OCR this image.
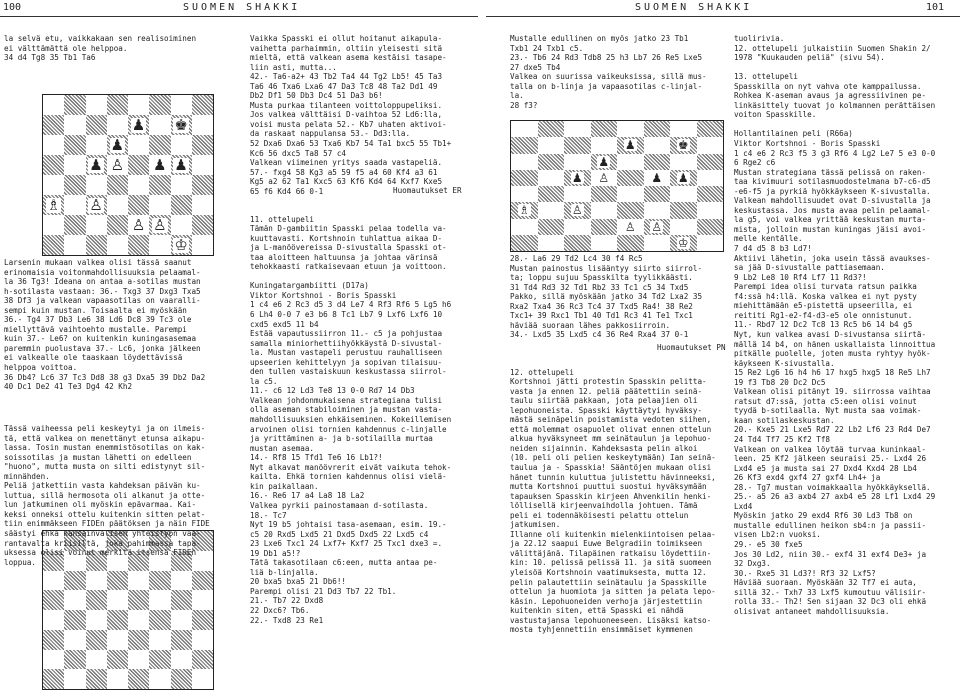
100	SUOMEN SHAKKI	SUOMEN SHAKKI	101
♟ ♚
♟
♟ ♙ ♟ ♟
♗ ♙
♙ ♙
♔
la selvä etu, vaikkakaan sen realisoiminen
ei välttämättä ole helppoa.
34 d4 Tg8 35 Tb1 Ta6
Larsenin mukaan valkea olisi tässä saanut
erinomaisia voitonmahdollisuuksia pelaamal-
la 36 Tg3! Ideana on antaa a-sotilas mustan
h-sotilasta vastaan: 36.- Txg3 37 Dxg3 Txa5
38 Df3 ja valkean vapaasotilas on vaaralli-
sempi kuin mustan. Toisaalta ei myöskään
36.- Tg4 37 Db3 Le6 38 Ld6 Dc8 39 Tc3 ole
miellyttävä vaihtoehto mustalle. Parempi
kuin 37.- Le6? on kuitenkin kuningasasemaa
paremmin puolustava 37.- Lc6, jonka jälkeen
ei valkealle ole taaskaan löydettävissä
helppoa voittoa.
36 Db4? Lc6 37 Tc3 Dd8 38 g3 Dxa5 39 Db2 Da2
40 Dc1 De2 41 Te3 Dg4 42 Kh2
Tässä vaiheessa peli keskeytyi ja on ilmeis-
tä, että valkea on menettänyt etunsa aikapu-
lassa. Tosin mustan enemmistösotilas on kak-
soissotilas ja mustan lähetti on edelleen
"huono", mutta musta on silti edistynyt sil-
minnähden.
Peliä jatkettiin vasta kahdeksan päivän ku-
luttua, sillä hermosota oli alkanut ja otte-
lun jatkuminen oli myöskin epävarmaa. Kai-
keksi onneksi ottelu kuitenkin sitten pelat-
tiin enimmäkseen FIDEn päätöksen ja näin FIDE
säästyi ehkä kansainvälisen yhteistyön vaa-
rantavalta kriisiltä, joka pahimmassa tapa-
uksessa olisi voinut merkitä itsensä FIDEn
loppua.
Vaikka Spasski ei ollut hoitanut aikapula-
vaihetta parhaimmin, oltiin yleisesti sitä
mieltä, että valkean asema kestäisi tasape-
liin asti, mutta...
42.- Ta6-a2+ 43 Tb2 Ta4 44 Tg2 Lb5! 45 Ta3
Ta6 46 Txa6 Lxa6 47 Da3 Tc8 48 Ta2 Dd1 49
Db2 Df1 50 Db3 Dc4 51 Da3 b6!
Musta purkaa tilanteen voittoloppupeliksi.
Jos valkea välttäisi D-vaihtoa 52 Ld6:lla,
voisi musta pelata 52.- Kb7 uhaten aktivoi-
da raskaat nappulansa 53.- Dd3:lla.
52 Dxa6 Dxa6 53 Txa6 Kb7 54 Ta1 bxc5 55 Tb1+
Kc6 56 dxc5 Ta8 57 c4
Valkean viimeinen yritys saada vastapeliä.
57.- fxg4 58 Kg3 a5 59 f5 a4 60 Kf4 a3 61
Kg5 a2 62 Ta1 Kxc5 63 Kf6 Kd4 64 Kxf7 Kxe5
65 f6 Kd4 66 0-1	Huomautukset ER
11. ottelupeli
Tämän D-gambiitin Spasski pelaa todella va-
kuuttavasti. Kortshnoin tuhlattua aikaa D-
ja L-manöövereissa D-sivustalla Spasski ot-
taa aloitteen haltuunsa ja johtaa värinsä
tehokkaasti ratkaisevaan etuun ja voittoon.
Kuningatargambiitti (D17a)
Viktor Kortshnoi - Boris Spasski
1 c4 e6 2 Rc3 d5 3 d4 Le7 4 Rf3 Rf6 5 Lg5 h6
6 Lh4 0-0 7 e3 b6 8 Tc1 Lb7 9 Lxf6 Lxf6 10
cxd5 exd5 11 b4
Estää vapautussiirron 11.- c5 ja pohjustaa
samalla miniorhettiihyökkäystä D-sivustal-
la. Mustan vastapeli perustuu rauhalliseen
upseerien kehittelyyn ja sopivan tilaisuu-
den tullen vastaiskuun keskustassa siirrol-
la c5.
11.- c6 12 Ld3 Te8 13 0-0 Rd7 14 Db3
Valkean johdonmukaisena strategiana tulisi
olla aseman stabiloiminen ja mustan vasta-
mahdollisuuksien ehkäiseminen. Kokeillemisen
arvoinen olisi tornien kahdennus c-linjalle
ja yrittäminen a- ja b-sotilailla murtaa
mustan asemaa.
14.- Rf8 15 Tfd1 Te6 16 Lb1?!
Nyt alkavat manöövrerit eivät vaikuta tehok-
kailta. Ehkä tornien kahdennus olisi vielä-
kin paikallaan.
16.- Re6 17 a4 La8 18 La2
Valkea pyrkii painostamaan d-sotilasta.
18.- Tc7
Nyt 19 b5 johtaisi tasa-asemaan, esim. 19.-
c5 20 Rxd5 Lxd5 21 Dxd5 Dxd5 22 Lxd5 c4
23 Lxe6 Txc1 24 Lxf7+ Kxf7 25 Txc1 dxe3 =.
19 Db1 a5!?
Tätä takasotilaan c6:een, mutta antaa pe-
liä b-linjalla.
20 bxa5 bxa5 21 Db6!!
Parempi olisi 21 Dd3 Tb7 22 Tb1.
21.- Tb7 22 Dxd8
22 Dxc6? Tb6.
22.- Txd8 23 Re1
Mustalle edullinen on myös jatko 23 Tb1
Txb1 24 Txb1 c5.
23.- Tb6 24 Rd3 Tdb8 25 h3 Lb7 26 Re5 Lxe5
27 dxe5 Tb4
Valkea on suurissa vaikeuksissa, sillä mus-
talla on b-linja ja vapaasotilas c-linjal-
la.
28 f3?
♟	♚
♟
♟ ♙	♟ ♟
♗	♙
♙ ♙
♔
28.- La6 29 Td2 Lc4 30 f4 Rc5
Mustan painostus lisääntyy siirto siirrol-
ta; loppu sujuu Spasskilta tyylikkäästi.
31 Td4 Rd3 32 Td1 Rb2 33 Tc1 c5 34 Txd5
Pakko, sillä myöskään jatko 34 Td2 Lxa2 35
Rxa2 Txa4 36 Rc3 Tc4 37 Txd5 Ra4! 38 Re2
Txc1+ 39 Rxc1 Tb1 40 Td1 Rc3 41 Te1 Txc1
häviää suoraan lähes pakkosiirroin.
34.- Lxd5 35 Lxd5 c4 36 Re4 Rxa4 37 0-1
Huomautukset PN
12. ottelupeli
Kortshnoi jätti protestin Spasskin pelitta-
vasta ja ennen 12. peliä päätettiin seinä-
taulu siirtää pakkaan, jota pelaajien oli
lepohuoneista. Spasski käyttäytyi hyväksy-
mästä seinäpelin poistamista vedoten siihen,
että molemmat osapuolet olivat ennen ottelun
alkua hyväksyneet mm seinätaulun ja lepohuo-
neiden sijainnin. Kahdeksasta pelin alkoi
(10. peli oli pelien keskeytymään) Ian seinä-
taulua ja - Spasskia! Sääntöjen mukaan olisi
hänet tunnin kuluttua julistettu hävinneeksi,
mutta Kortshnoi puuttui suostui hyväksymään
tapauksen Spasskin kirjeen Ahvenkilin henki-
löllisellä kirjeenvaihdolla johtuen. Tämä
peli ei todennäköisesti pelattu ottelun
jatkumisen.
Illanne oli kuitenkin mielenkiintoisen pelaa-
ja 22.12 saapui Euwe Belgradiin toimikseen
välittäjänä. Tilapäinen ratkaisu löydettiin-
kin: 10. pelissä pelissä 11. ja sitä suomeen
yleisöä Kortshnoin vaatimuksesta, mutta 12.
pelin palautettiin seinätaulu ja Spasskille
ottelun ja huomiota ja sitten ja pelata lepo-
käsin. Lepohuoneiden verhoja järjestettiin
kuitenkin siten, että Spasski ei nähdä
vastustajansa lepohuoneeseen. Lisäksi katso-
mosta tyhjennettiin ensimmäiset kymmenen
tuolirivia.
12. ottelupeli julkaistiin Suomen Shakin 2/
1978 "Kuukauden peliä" (sivu 54).
13. ottelupeli
Spasskilla on nyt vahva ote kamppailussa.
Rohkea K-aseman avaus ja agressiivinen pe-
linkäsittely tuovat jo kolmannen perättäisen
voiton Spasskille.
Hollantilainen peli (R66a)
Viktor Kortshnoi - Boris Spasski
1 c4 e6 2 Rc3 f5 3 g3 Rf6 4 Lg2 Le7 5 e3 0-0
6 Rge2 c6
Mustan strategiana tässä pelissä on raken-
taa kivimuuri sotilasmuodostelmana b7-c6-d5
-e6-f5 ja pyrkiä hyökkäykseen K-sivustalla.
Valkean mahdollisuudet ovat D-sivustalla ja
keskustassa. Jos musta avaa pelin pelaamal-
la g5, voi valkea yrittää keskustan murta-
mista, jolloin mustan kuningas jäisi avoi-
melle kentälle.
7 d4 d5 8 b3 Ld7!
Aktiivi lähetin, joka usein tässä avaukses-
sa jää D-sivustalle pattiasemaan.
9 Lb2 Le8 10 Rf4 Lf7 11 Rd3?!
Parempi idea olisi turvata ratsun paikka
f4:ssä h4:llä. Koska valkea ei nyt pysty
miehittämään e5-pistettä upseerilla, ei
reititi Rg1-e2-f4-d3-e5 ole onnistunut.
11.- Rbd7 12 Dc2 Tc8 13 Rc5 b6 14 b4 g5
Nyt, kun valkea avasi D-sivustansa siirtä-
mällä 14 b4, on hänen uskallaista linnoittua
pitkälle puolelle, joten musta ryhtyy hyök-
käykseen K-sivustalla.
15 Re2 Lg6 16 h4 h6 17 hxg5 hxg5 18 Re5 Lh7
19 f3 Tb8 20 Dc2 Dc5
Valkean olisi pitänyt 19. siirrossa vaihtaa
ratsut d7:ssä, jotta c5:een olisi voinut
tyydä b-sotilaalla. Nyt musta saa voimak-
kaan sotilaskeskustan.
20.- Kxe5 21 Lxe5 Rd7 22 Lb2 Lf6 23 Rd4 De7
24 Td4 Tf7 25 Kf2 Tf8
Valkean on valkea löytää turvaa kuninkaal-
leen. 25 Kf2 jälkeen seuraisi 25.- Lxd4 26
Lxd4 e5 ja musta sai 27 Dxd4 Kxd4 28 Lb4
26 Kf3 exd4 gxf4 27 gxf4 Lh4+ ja
28.- Tg7 mustan voimakkaalla hyökkäyksellä.
25.- a5 26 a3 axb4 27 axb4 e5 28 Lf1 Lxd4 29
Lxd4
Myöskin jatko 29 exd4 Rf6 30 Ld3 Tb8 on
mustalle edullinen heikon sb4:n ja passii-
visen Lb2:n vuoksi.
29.- e5 30 fxe5
Jos 30 Ld2, niin 30.- exf4 31 exf4 De3+ ja
32 Dxg3.
30.- Rxe5 31 Ld3?! Rf3 32 Lxf5?
Häviää suoraan. Myöskään 32 Tf7 ei auta,
sillä 32.- Txh7 33 Lxf5 kumoutuu välisiir-
rolla 33.- Th2! Sen sijaan 32 Dc3 oli ehkä
olisivat antaneet mahdollisuuksia.
